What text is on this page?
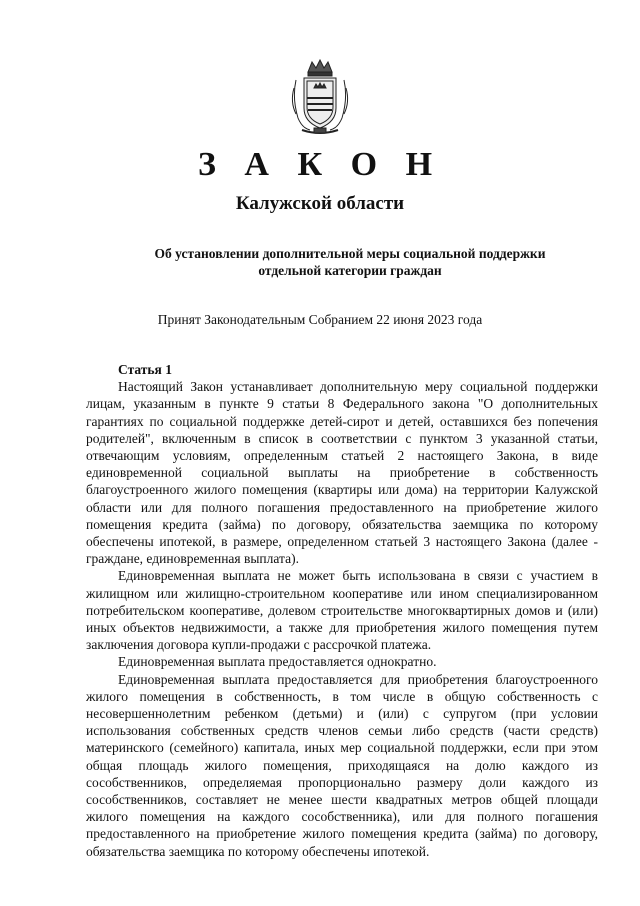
З А К О Н
Калужской области
Об установлении дополнительной меры социальной поддержки
отдельной категории граждан
Принят Законодательным Собранием 22 июня 2023 года
Статья 1

Настоящий Закон устанавливает дополнительную меру социальной поддержки лицам, указанным в пункте 9 статьи 8 Федерального закона "О дополнительных гарантиях по социальной поддержке детей-сирот и детей, оставшихся без попечения родителей", включенным в список в соответствии с пунктом 3 указанной статьи, отвечающим условиям, определенным статьей 2 настоящего Закона, в виде единовременной социальной выплаты на приобретение в собственность благоустроенного жилого помещения (квартиры или дома) на территории Калужской области или для полного погашения предоставленного на приобретение жилого помещения кредита (займа) по договору, обязательства заемщика по которому обеспечены ипотекой, в размере, определенном статьей 3 настоящего Закона (далее - граждане, единовременная выплата).

Единовременная выплата не может быть использована в связи с участием в жилищном или жилищно-строительном кооперативе или ином специализированном потребительском кооперативе, долевом строительстве многоквартирных домов и (или) иных объектов недвижимости, а также для приобретения жилого помещения путем заключения договора купли-продажи с рассрочкой платежа.

Единовременная выплата предоставляется однократно.

Единовременная выплата предоставляется для приобретения благоустроенного жилого помещения в собственность, в том числе в общую собственность с несовершеннолетним ребенком (детьми) и (или) с супругом (при условии использования собственных средств членов семьи либо средств (части средств) материнского (семейного) капитала, иных мер социальной поддержки, если при этом общая площадь жилого помещения, приходящаяся на долю каждого из сособственников, определяемая пропорционально размеру доли каждого из сособственников, составляет не менее шести квадратных метров общей площади жилого помещения на каждого сособственника), или для полного погашения предоставленного на приобретение жилого помещения кредита (займа) по договору, обязательства заемщика по которому обеспечены ипотекой.
